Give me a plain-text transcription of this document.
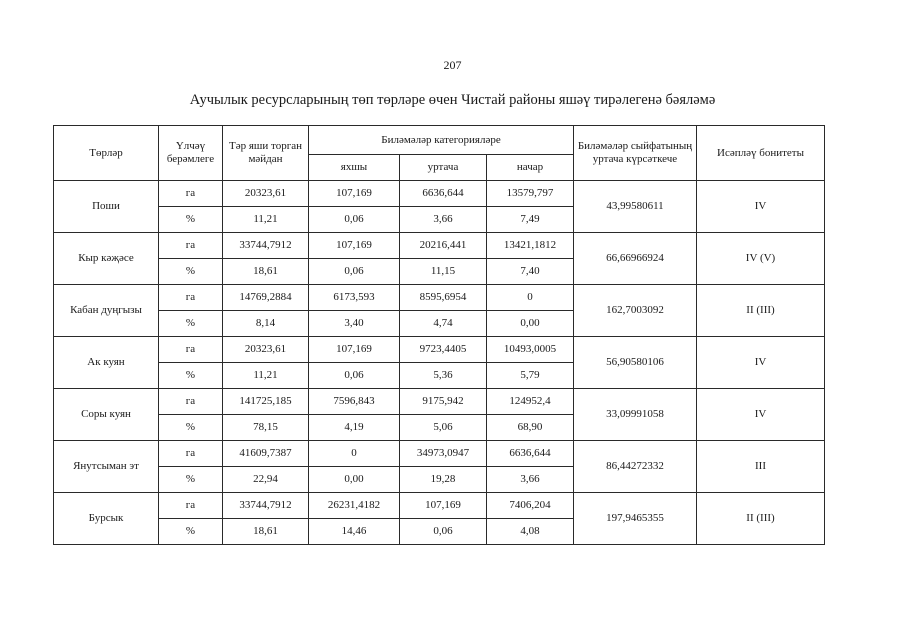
207
Аучылык ресурсларының төп төрләре өчен Чистай районы яшәү тирәлегенә бәяләмә
Төрләр	Үлчәү берәмлеге	Тәр яши торган мәйдан	Биләмәләр категорияләре			Биләмәләр сыйфатының уртача күрсәткече	Исәпләү бонитеты
			яхшы	уртача	начар		
Поши	га	20323,61	107,169	6636,644	13579,797	43,99580611	IV
	%	11,21	0,06	3,66	7,49		
Кыр кәҗәсе	га	33744,7912	107,169	20216,441	13421,1812	66,66966924	IV (V)
	%	18,61	0,06	11,15	7,40		
Кабан дуңгызы	га	14769,2884	6173,593	8595,6954	0	162,7003092	II (III)
	%	8,14	3,40	4,74	0,00		
Ак куян	га	20323,61	107,169	9723,4405	10493,0005	56,90580106	IV
	%	11,21	0,06	5,36	5,79		
Соры куян	га	141725,185	7596,843	9175,942	124952,4	33,09991058	IV
	%	78,15	4,19	5,06	68,90		
Янутсыман эт	га	41609,7387	0	34973,0947	6636,644	86,44272332	III
	%	22,94	0,00	19,28	3,66		
Бурсык	га	33744,7912	26231,4182	107,169	7406,204	197,9465355	II (III)
	%	18,61	14,46	0,06	4,08		
